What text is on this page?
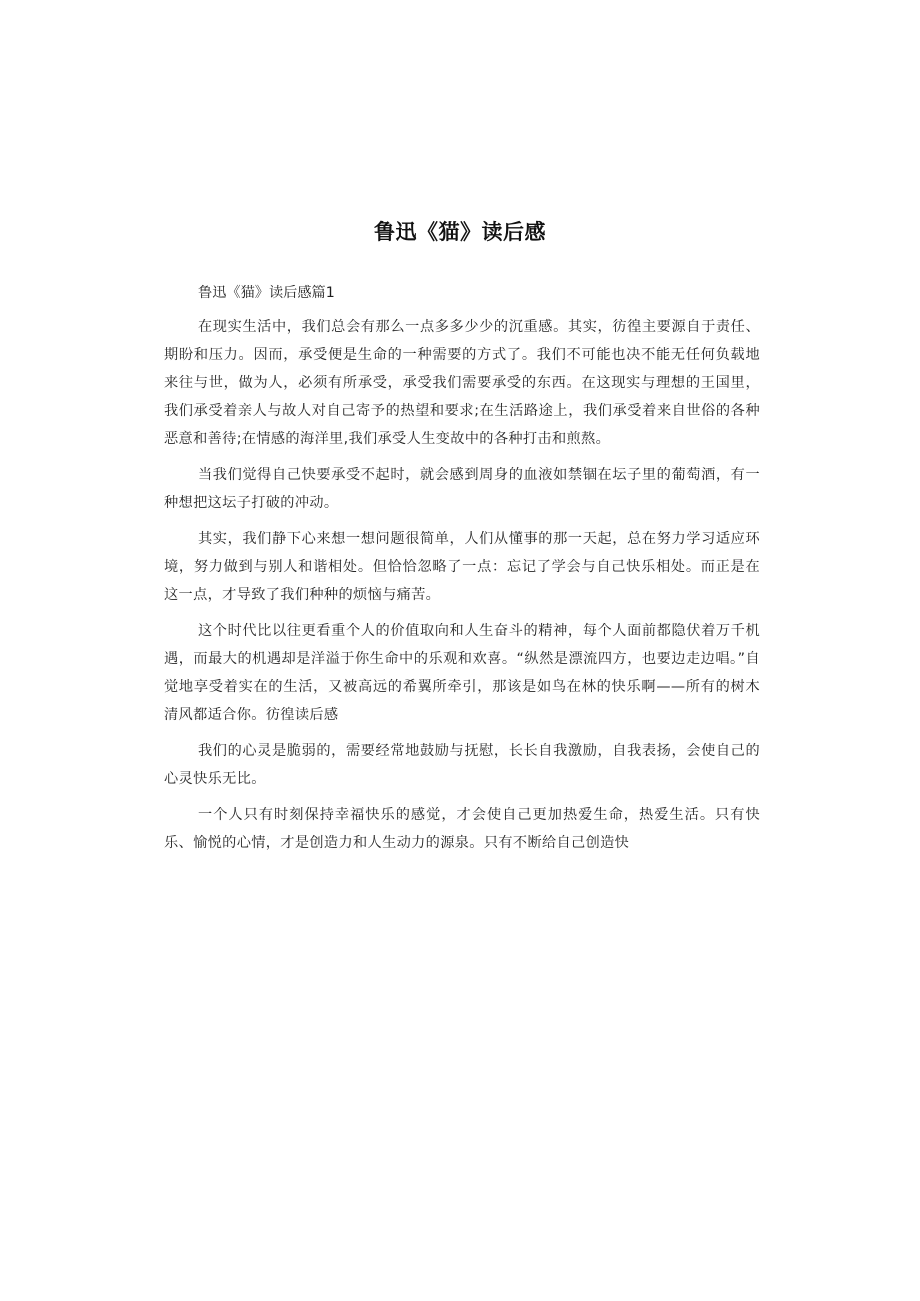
鲁迅《猫》读后感

鲁迅《猫》读后感篇1

在现实生活中，我们总会有那么一点多多少少的沉重感。其实，彷徨主要源自于责任、期盼和压力。因而，承受便是生命的一种需要的方式了。我们不可能也决不能无任何负载地来往与世，做为人，必须有所承受，承受我们需要承受的东西。在这现实与理想的王国里，我们承受着亲人与故人对自己寄予的热望和要求;在生活路途上，我们承受着来自世俗的各种恶意和善待;在情感的海洋里,我们承受人生变故中的各种打击和煎熬。

当我们觉得自己快要承受不起时，就会感到周身的血液如禁锢在坛子里的葡萄酒，有一种想把这坛子打破的冲动。

其实，我们静下心来想一想问题很简单，人们从懂事的那一天起，总在努力学习适应环境，努力做到与别人和谐相处。但恰恰忽略了一点：忘记了学会与自己快乐相处。而正是在这一点，才导致了我们种种的烦恼与痛苦。

这个时代比以往更看重个人的价值取向和人生奋斗的精神，每个人面前都隐伏着万千机遇，而最大的机遇却是洋溢于你生命中的乐观和欢喜。“纵然是漂流四方，也要边走边唱。”自觉地享受着实在的生活，又被高远的希翼所牵引，那该是如鸟在林的快乐啊——所有的树木清风都适合你。彷徨读后感

我们的心灵是脆弱的，需要经常地鼓励与抚慰，长长自我激励，自我表扬，会使自己的心灵快乐无比。

一个人只有时刻保持幸福快乐的感觉，才会使自己更加热爱生命，热爱生活。只有快乐、愉悦的心情，才是创造力和人生动力的源泉。只有不断给自己创造快
